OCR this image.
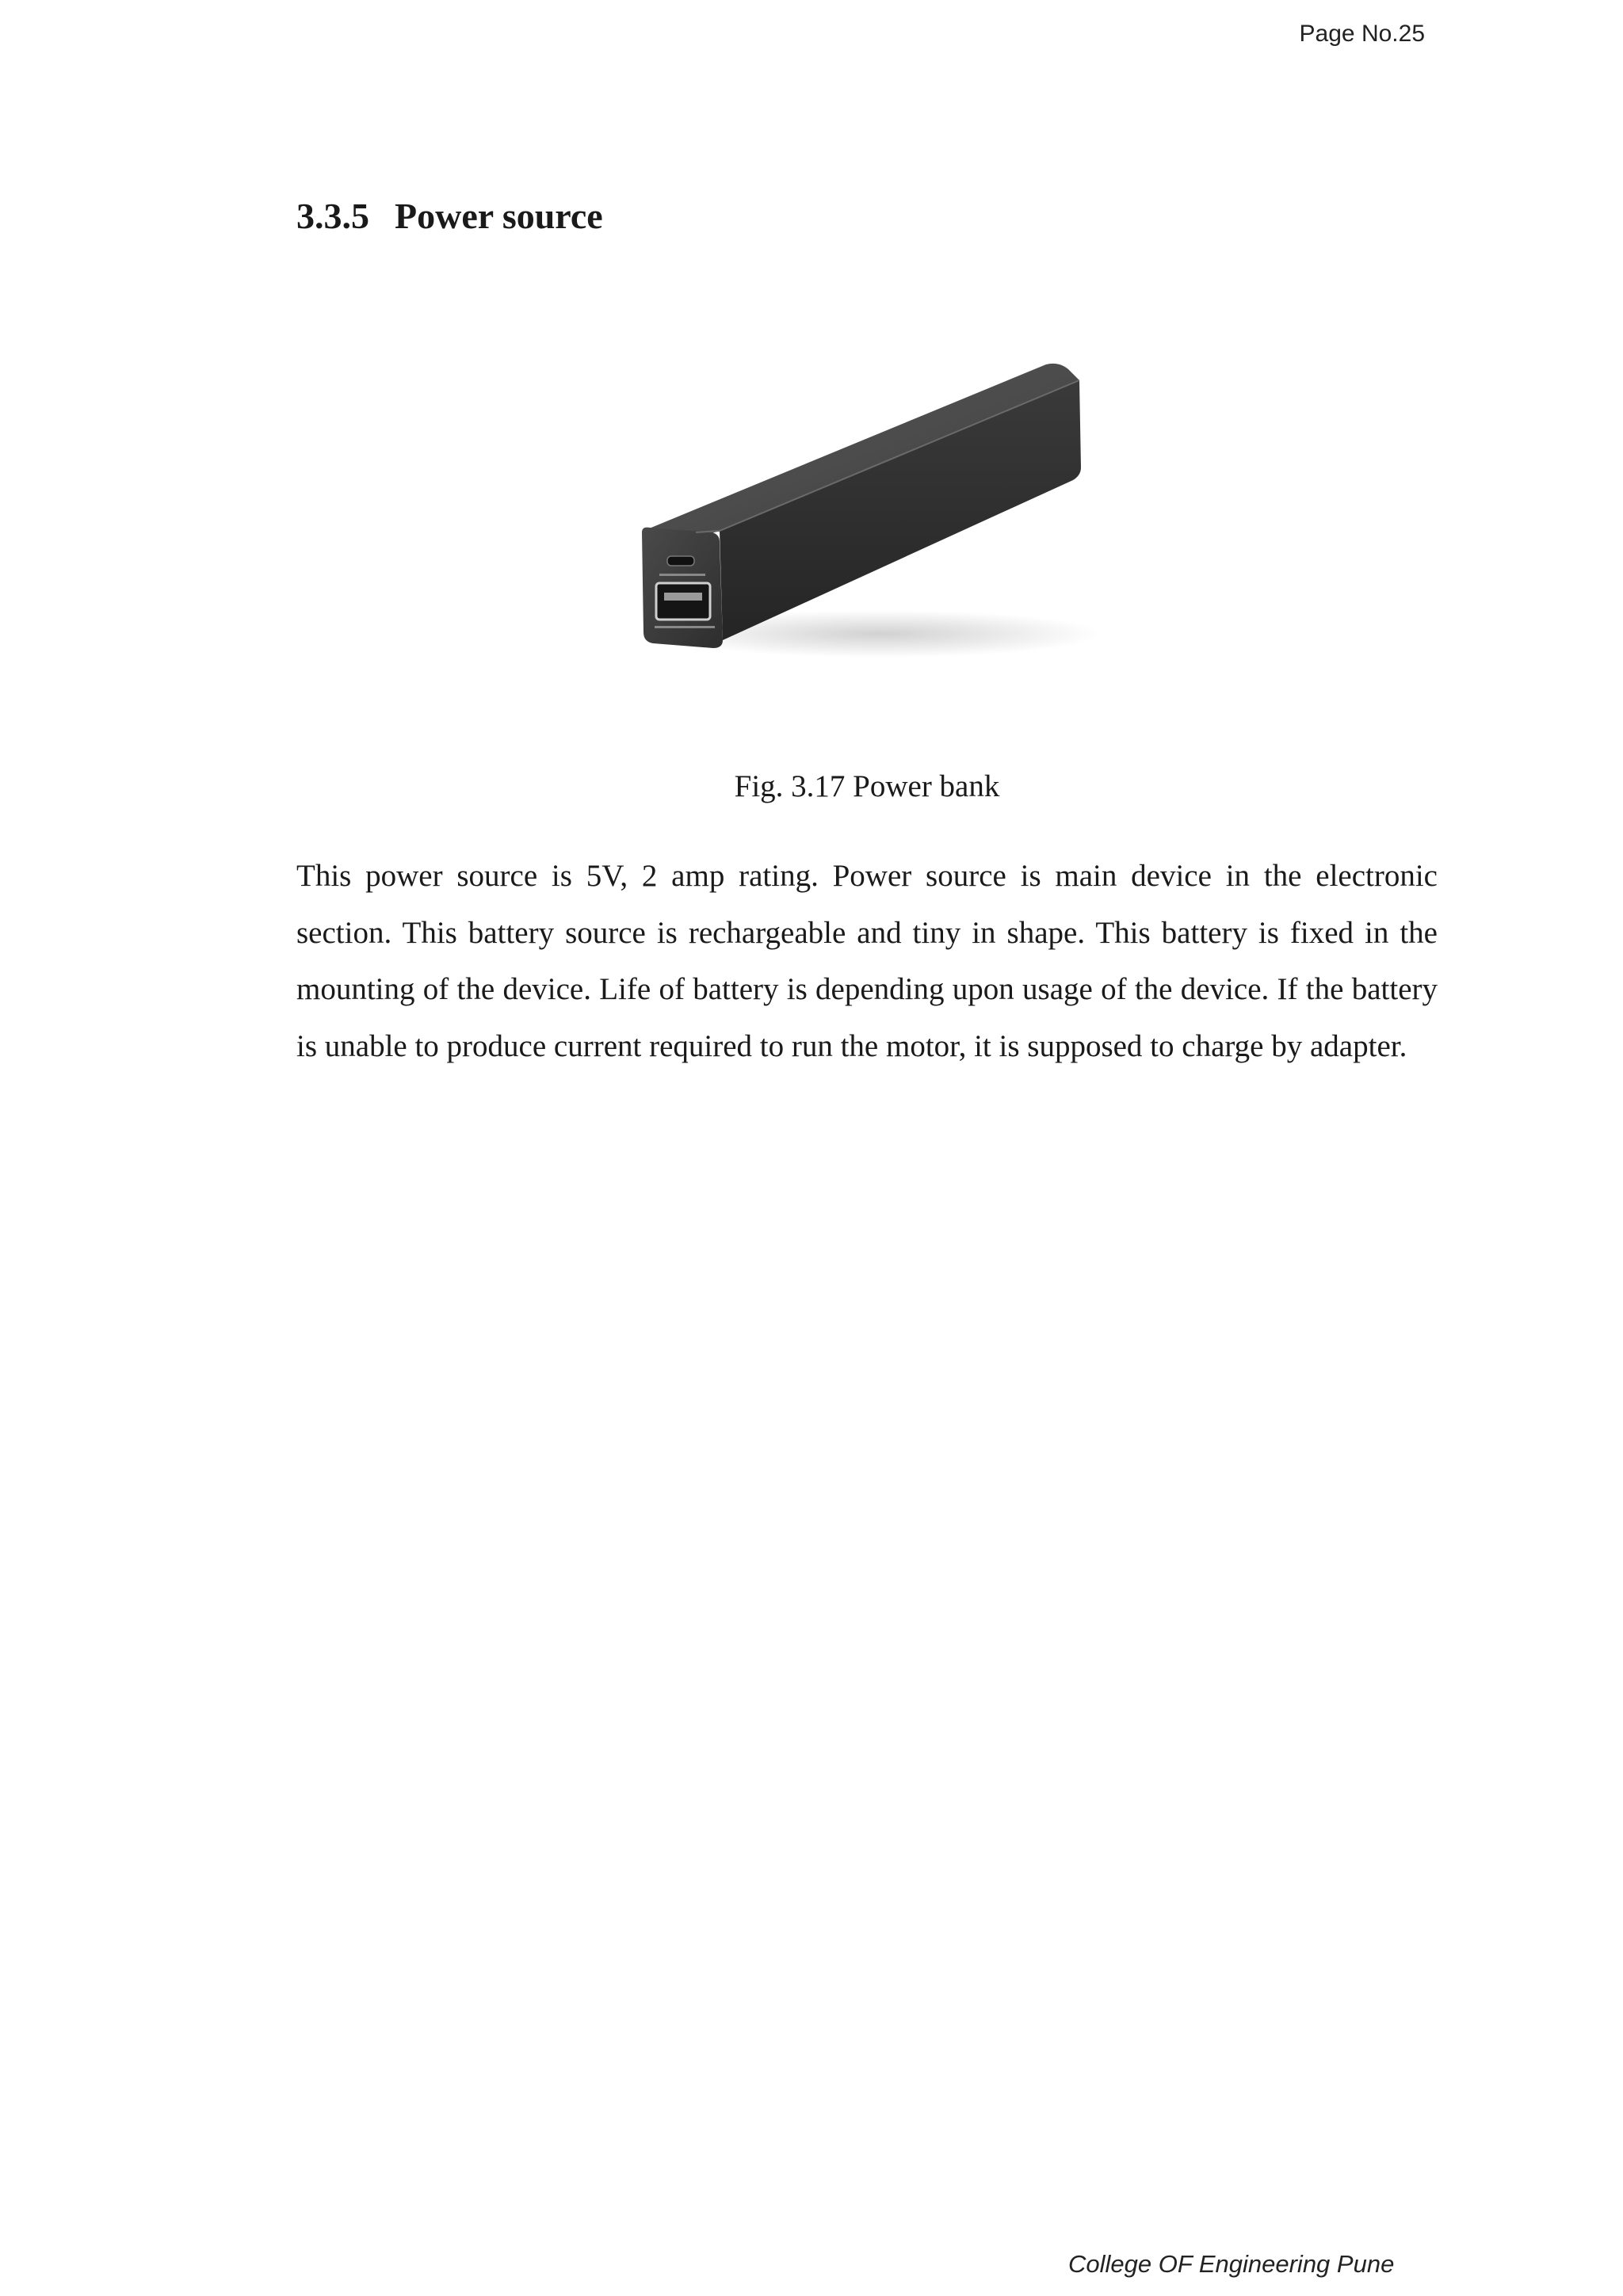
Page No.25
3.3.5 Power source

Fig. 3.17 Power bank

This power source is 5V, 2 amp rating. Power source is main device in the electronic section. This battery source is rechargeable and tiny in shape. This battery is fixed in the mounting of the device. Life of battery is depending upon usage of the device. If the battery is unable to produce current required to run the motor, it is supposed to charge by adapter.

College OF Engineering Pune
